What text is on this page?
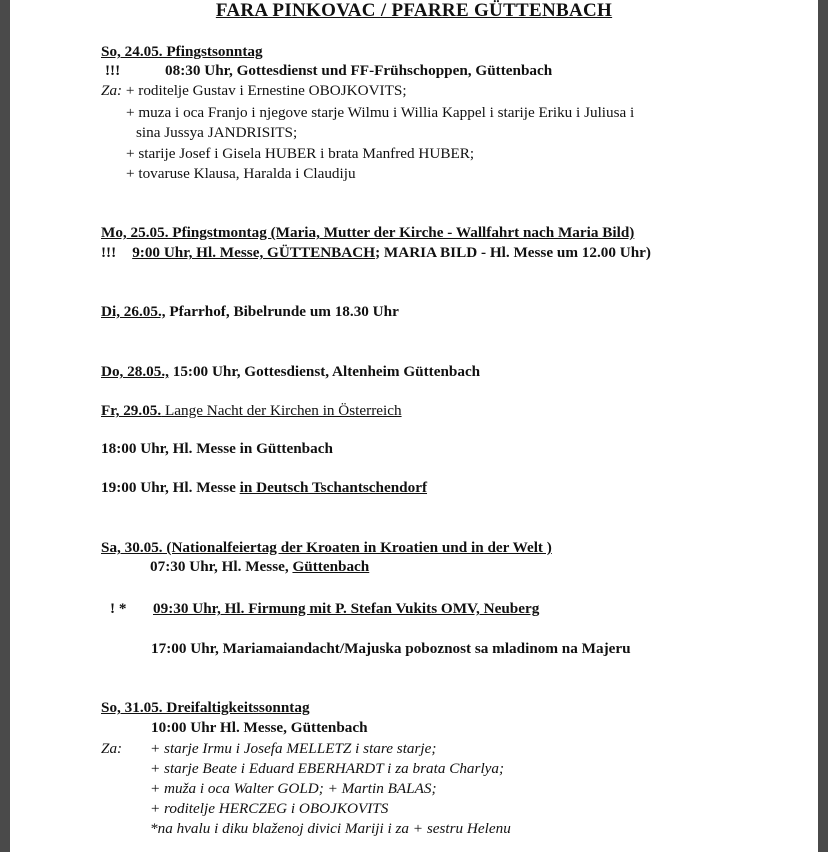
FARA PINKOVAC / PFARRE GÜTTENBACH
So, 24.05. Pfingstsonntag
!!!	08:30 Uhr, Gottesdienst und FF-Frühschoppen, Güttenbach
Za: + roditelje Gustav i Ernestine OBOJKOVITS;
+ muza i oca Franjo i njegove starje Wilmu i Willia Kappel i starije Eriku i Juliusa i
sina Jussya JANDRISITS;
+ starije Josef i Gisela HUBER i brata Manfred HUBER;
+ tovaruse Klausa, Haralda i Claudiju
Mo, 25.05. Pfingstmontag (Maria, Mutter der Kirche - Wallfahrt nach Maria Bild)
!!! 9:00 Uhr, Hl. Messe, GÜTTENBACH; MARIA BILD - Hl. Messe um 12.00 Uhr)
Di, 26.05., Pfarrhof, Bibelrunde um 18.30 Uhr
Do, 28.05., 15:00 Uhr, Gottesdienst, Altenheim Güttenbach
Fr, 29.05. Lange Nacht der Kirchen in Österreich
18:00 Uhr, Hl. Messe in Güttenbach
19:00 Uhr, Hl. Messe in Deutsch Tschantschendorf
Sa, 30.05. (Nationalfeiertag der Kroaten in Kroatien und in der Welt )
07:30 Uhr, Hl. Messe, Güttenbach
! * 09:30 Uhr, Hl. Firmung mit P. Stefan Vukits OMV, Neuberg
17:00 Uhr, Mariamaiandacht/Majuska poboznost sa mladinom na Majeru
So, 31.05. Dreifaltigkeitssonntag
10:00 Uhr Hl. Messe, Güttenbach
Za: + starje Irmu i Josefa MELLETZ i stare starje;
+ starje Beate i Eduard EBERHARDT i za brata Charlya;
+ muža i oca Walter GOLD; + Martin BALAS;
+ roditelje HERCZEG i OBOJKOVITS
*na hvalu i diku blaženoj divici Mariji i za + sestru Helenu
